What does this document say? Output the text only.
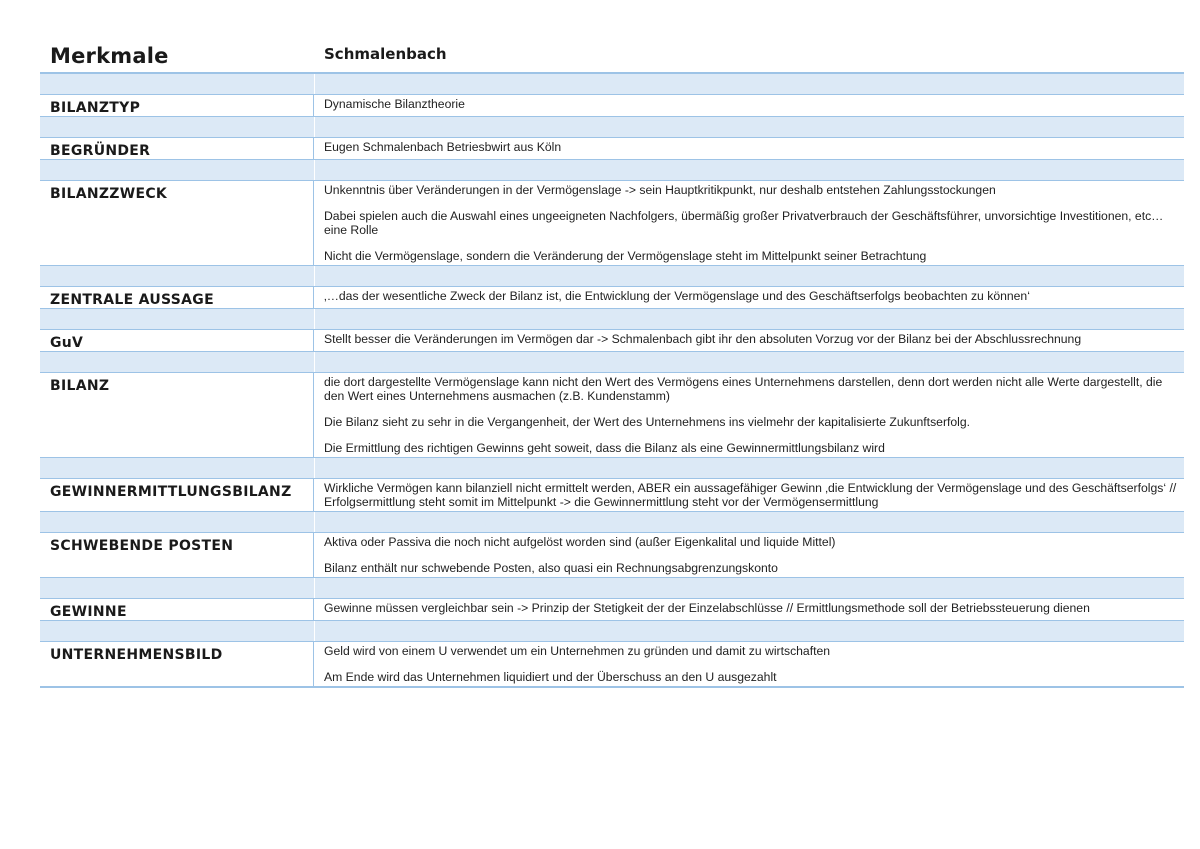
Merkmale	Schmalenbach
BILANZTYP	Dynamische Bilanztheorie

BEGRÜNDER	Eugen Schmalenbach Betriesbwirt aus Köln

BILANZZWECK	Unkenntnis über Veränderungen in der Vermögenslage -> sein Hauptkritikpunkt, nur deshalb entstehen Zahlungsstockungen

Dabei spielen auch die Auswahl eines ungeeigneten Nachfolgers, übermäßig großer Privatverbrauch der Geschäftsführer, unvorsichtige Investitionen, etc… eine Rolle

Nicht die Vermögenslage, sondern die Veränderung der Vermögenslage steht im Mittelpunkt seiner Betrachtung

ZENTRALE AUSSAGE	‚…das der wesentliche Zweck der Bilanz ist, die Entwicklung der Vermögenslage und des Geschäftserfolgs beobachten zu können‘

GuV	Stellt besser die Veränderungen im Vermögen dar -> Schmalenbach gibt ihr den absoluten Vorzug vor der Bilanz bei der Abschlussrechnung

BILANZ	die dort dargestellte Vermögenslage kann nicht den Wert des Vermögens eines Unternehmens darstellen, denn dort werden nicht alle Werte dargestellt, die den Wert eines Unternehmens ausmachen (z.B. Kundenstamm)

Die Bilanz sieht zu sehr in die Vergangenheit, der Wert des Unternehmens ins vielmehr der kapitalisierte Zukunftserfolg.

Die Ermittlung des richtigen Gewinns geht soweit, dass die Bilanz als eine Gewinnermittlungsbilanz wird

GEWINNERMITTLUNGSBILANZ	Wirkliche Vermögen kann bilanziell nicht ermittelt werden, ABER ein aussagefähiger Gewinn ‚die Entwicklung der Vermögenslage und des Geschäftserfolgs‘ // Erfolgsermittlung steht somit im Mittelpunkt -> die Gewinnermittlung steht vor der Vermögensermittlung

SCHWEBENDE POSTEN	Aktiva oder Passiva die noch nicht aufgelöst worden sind (außer Eigenkalital und liquide Mittel)

Bilanz enthält nur schwebende Posten, also quasi ein Rechnungsabgrenzungskonto

GEWINNE	Gewinne müssen vergleichbar sein -> Prinzip der Stetigkeit der der Einzelabschlüsse // Ermittlungsmethode soll der Betriebssteuerung dienen

UNTERNEHMENSBILD	Geld wird von einem U verwendet um ein Unternehmen zu gründen und damit zu wirtschaften

Am Ende wird das Unternehmen liquidiert und der Überschuss an den U ausgezahlt
